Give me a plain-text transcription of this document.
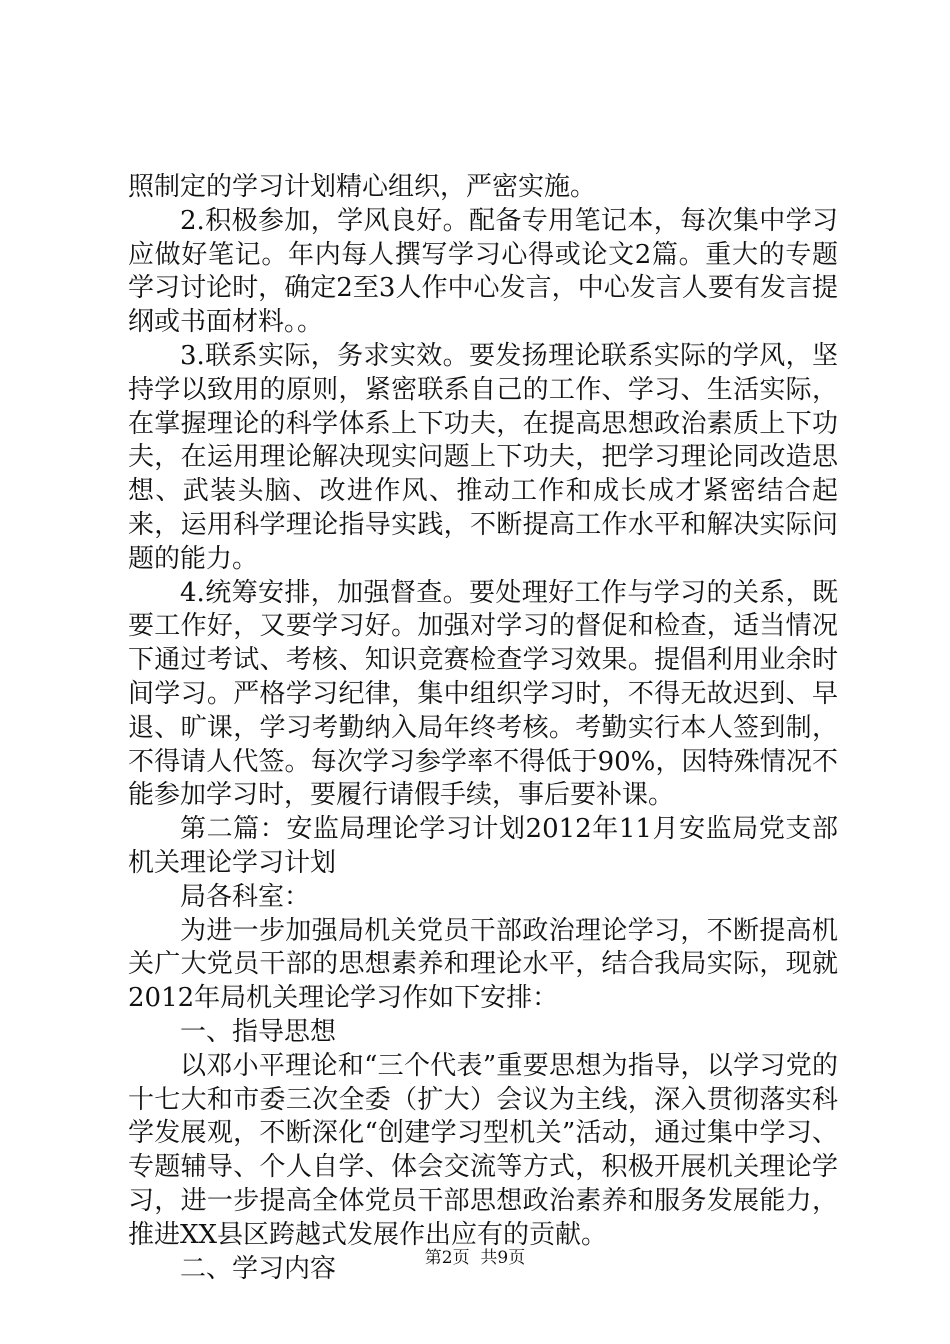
照制定的学习计划精心组织，严密实施。

2.积极参加，学风良好。配备专用笔记本，每次集中学习应做好笔记。年内每人撰写学习心得或论文2篇。重大的专题学习讨论时，确定2至3人作中心发言，中心发言人要有发言提纲或书面材料。。

3.联系实际，务求实效。要发扬理论联系实际的学风，坚持学以致用的原则，紧密联系自己的工作、学习、生活实际，在掌握理论的科学体系上下功夫，在提高思想政治素质上下功夫，在运用理论解决现实问题上下功夫，把学习理论同改造思想、武装头脑、改进作风、推动工作和成长成才紧密结合起来，运用科学理论指导实践，不断提高工作水平和解决实际问题的能力。

4.统筹安排，加强督查。要处理好工作与学习的关系，既要工作好，又要学习好。加强对学习的督促和检查，适当情况下通过考试、考核、知识竞赛检查学习效果。提倡利用业余时间学习。严格学习纪律，集中组织学习时，不得无故迟到、早退、旷课，学习考勤纳入局年终考核。考勤实行本人签到制，不得请人代签。每次学习参学率不得低于90%，因特殊情况不能参加学习时，要履行请假手续，事后要补课。

第二篇：安监局理论学习计划2012年11月安监局党支部机关理论学习计划

局各科室：

为进一步加强局机关党员干部政治理论学习，不断提高机关广大党员干部的思想素养和理论水平，结合我局实际，现就2012年局机关理论学习作如下安排：

一、指导思想

以邓小平理论和“三个代表”重要思想为指导，以学习党的十七大和市委三次全委（扩大）会议为主线，深入贯彻落实科学发展观，不断深化“创建学习型机关”活动，通过集中学习、专题辅导、个人自学、体会交流等方式，积极开展机关理论学习，进一步提高全体党员干部思想政治素养和服务发展能力，推进XX县区跨越式发展作出应有的贡献。

二、学习内容	第2页  共9页
